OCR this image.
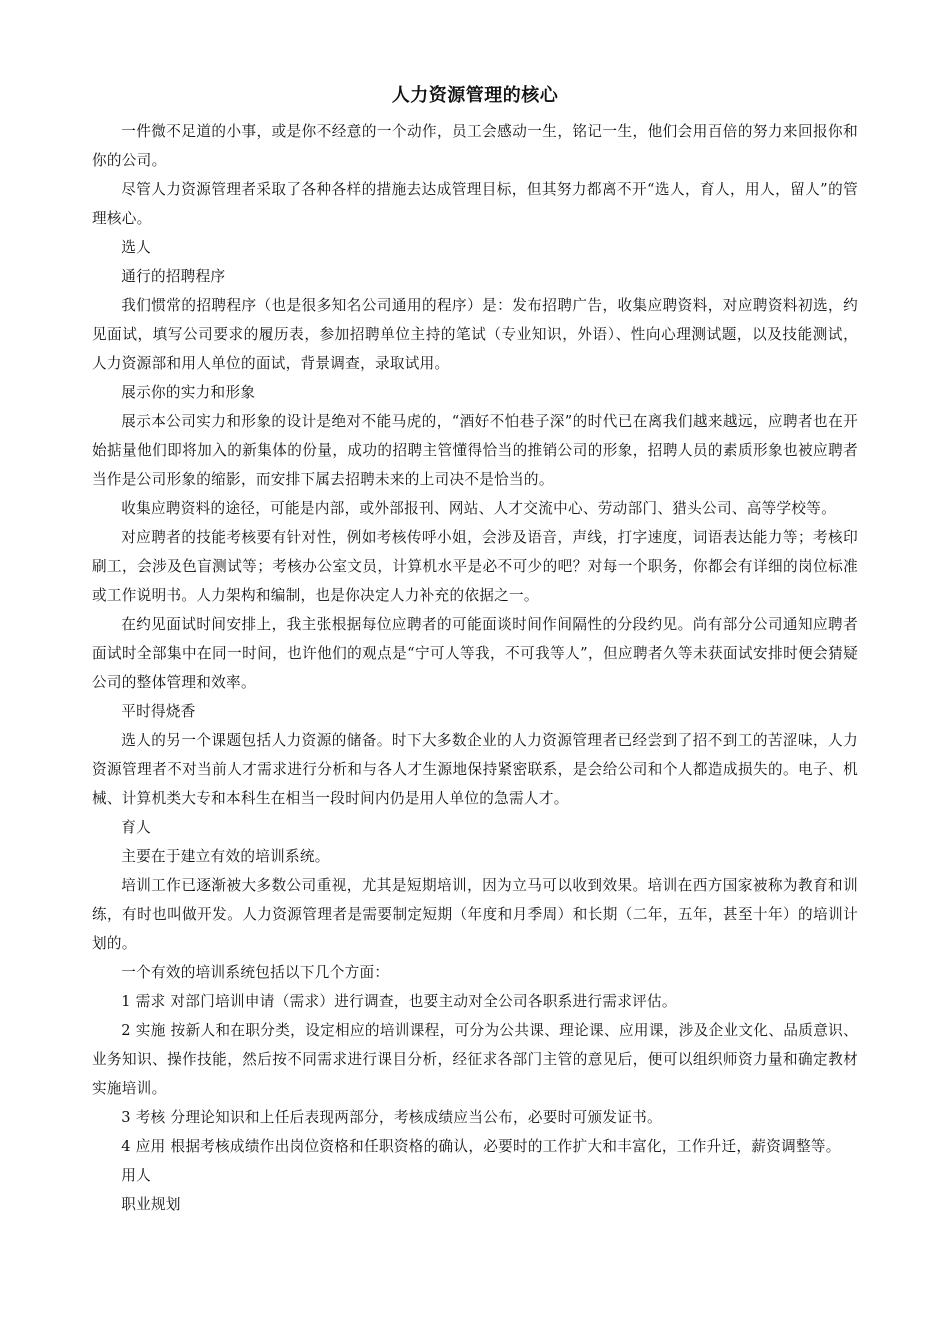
人力资源管理的核心

一件微不足道的小事，或是你不经意的一个动作，员工会感动一生，铭记一生，他们会用百倍的努力来回报你和你的公司。

尽管人力资源管理者采取了各种各样的措施去达成管理目标，但其努力都离不开“选人，育人，用人，留人”的管理核心。

选人

通行的招聘程序

我们惯常的招聘程序（也是很多知名公司通用的程序）是：发布招聘广告，收集应聘资料，对应聘资料初选，约见面试，填写公司要求的履历表，参加招聘单位主持的笔试（专业知识，外语）、性向心理测试题，以及技能测试，人力资源部和用人单位的面试，背景调查，录取试用。

展示你的实力和形象

展示本公司实力和形象的设计是绝对不能马虎的，“酒好不怕巷子深”的时代已在离我们越来越远，应聘者也在开始掂量他们即将加入的新集体的份量，成功的招聘主管懂得恰当的推销公司的形象，招聘人员的素质形象也被应聘者当作是公司形象的缩影，而安排下属去招聘未来的上司决不是恰当的。

收集应聘资料的途径，可能是内部，或外部报刊、网站、人才交流中心、劳动部门、猎头公司、高等学校等。

对应聘者的技能考核要有针对性，例如考核传呼小姐，会涉及语音，声线，打字速度，词语表达能力等；考核印刷工，会涉及色盲测试等；考核办公室文员，计算机水平是必不可少的吧？对每一个职务，你都会有详细的岗位标准或工作说明书。人力架构和编制，也是你决定人力补充的依据之一。

在约见面试时间安排上，我主张根据每位应聘者的可能面谈时间作间隔性的分段约见。尚有部分公司通知应聘者面试时全部集中在同一时间，也许他们的观点是“宁可人等我，不可我等人”，但应聘者久等未获面试安排时便会猜疑公司的整体管理和效率。

平时得烧香

选人的另一个课题包括人力资源的储备。时下大多数企业的人力资源管理者已经尝到了招不到工的苦涩味，人力资源管理者不对当前人才需求进行分析和与各人才生源地保持紧密联系，是会给公司和个人都造成损失的。电子、机械、计算机类大专和本科生在相当一段时间内仍是用人单位的急需人才。

育人

主要在于建立有效的培训系统。

培训工作已逐渐被大多数公司重视，尤其是短期培训，因为立马可以收到效果。培训在西方国家被称为教育和训练，有时也叫做开发。人力资源管理者是需要制定短期（年度和月季周）和长期（二年，五年，甚至十年）的培训计划的。

一个有效的培训系统包括以下几个方面：

1 需求 对部门培训申请（需求）进行调查，也要主动对全公司各职系进行需求评估。

2 实施 按新人和在职分类，设定相应的培训课程，可分为公共课、理论课、应用课，涉及企业文化、品质意识、业务知识、操作技能，然后按不同需求进行课目分析，经征求各部门主管的意见后，便可以组织师资力量和确定教材实施培训。

3 考核 分理论知识和上任后表现两部分，考核成绩应当公布，必要时可颁发证书。

4 应用 根据考核成绩作出岗位资格和任职资格的确认，必要时的工作扩大和丰富化，工作升迁，薪资调整等。

用人

职业规划
